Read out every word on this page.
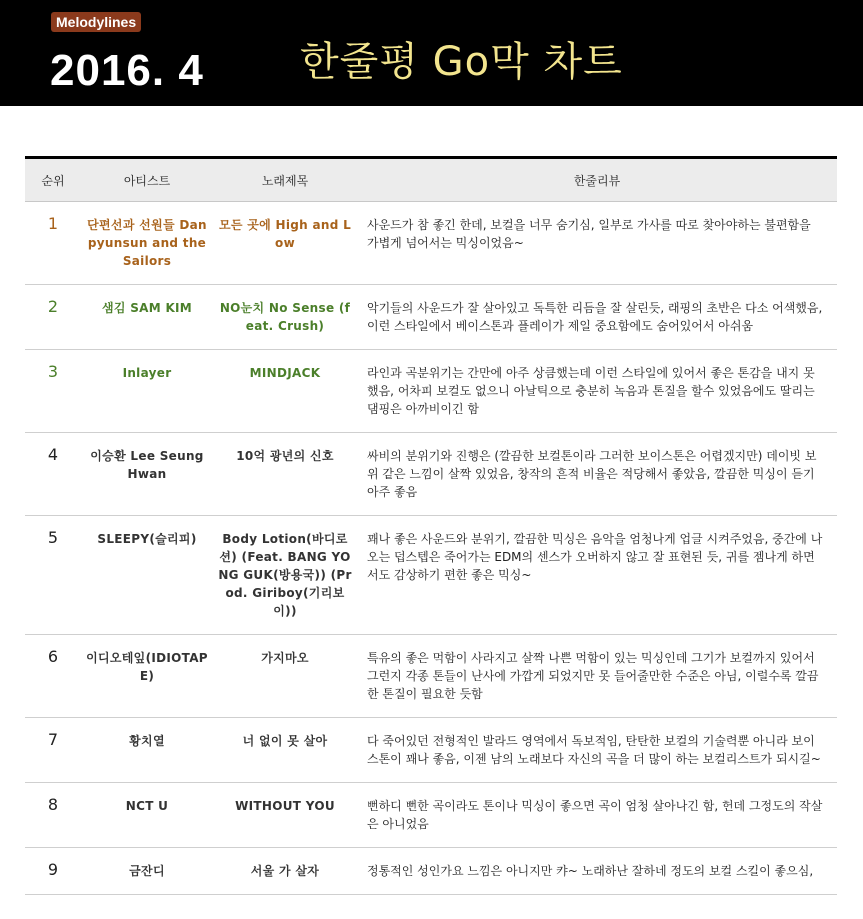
Melodylines
2016. 4 한줄평 Go막 차트
순위	아티스트	노래제목	한줄리뷰
1	단편선과 선원들 Danpyunsun and the Sailors	모든 곳에 High and Low	사운드가 참 좋긴 한데, 보컬을 너무 숨기심, 일부로 가사를 따로 찾아야하는 불편함을 가볍게 넘어서는 믹싱이었음~
2	샘김 SAM KIM	NO눈치 No Sense (feat. Crush)	악기들의 사운드가 잘 살아있고 독특한 리듬을 잘 살린듯, 래핑의 초반은 다소 어색했음, 이런 스타일에서 베이스톤과 플레이가 제일 중요함에도 숨어있어서 아쉬움
3	Inlayer	MINDJACK	라인과 곡분위기는 간만에 아주 상큼했는데 이런 스타일에 있어서 좋은 톤감을 내지 못했음, 어차피 보컬도 없으니 아날틱으로 충분히 녹음과 톤질을 할수 있었음에도 딸리는 댐핑은 아까비이긴 함
4	이승환 Lee Seung Hwan	10억 광년의 신호	싸비의 분위기와 진행은 (깔끔한 보컬톤이라 그러한 보이스톤은 어렵겠지만) 데이빗 보위 같은 느낌이 살짝 있었음, 창작의 흔적 비율은 적당해서 좋았음, 깔끔한 믹싱이 듣기 아주 좋음
5	SLEEPY(슬리피)	Body Lotion(바디로션) (Feat. BANG YONG GUK(방용국)) (Prod. Giriboy(기리보이))	꽤나 좋은 사운드와 분위기, 깔끔한 믹싱은 음악을 엄청나게 업글 시켜주었음, 중간에 나오는 덥스텝은 죽어가는 EDM의 센스가 오버하지 않고 잘 표현된 듯, 귀를 젬나게 하면서도 감상하기 편한 좋은 믹싱~
6	이디오테잎(IDIOTAPE)	가지마오	특유의 좋은 먹함이 사라지고 살짝 나쁜 먹함이 있는 믹싱인데 그기가 보컬까지 있어서 그런지 각종 톤들이 난사에 가깝게 되었지만 못 들어줄만한 수준은 아님, 이럴수록 깔끔한 톤질이 필요한 듯함
7	황치열	너 없이 못 살아	다 죽어있던 전형적인 발라드 영역에서 독보적임, 탄탄한 보컬의 기술력뿐 아니라 보이스톤이 꽤나 좋음, 이젠 남의 노래보다 자신의 곡을 더 많이 하는 보컬리스트가 되시길~
8	NCT U	WITHOUT YOU	뻔하디 뻔한 곡이라도 톤이나 믹싱이 좋으면 곡이 엄청 살아나긴 함, 헌데 그정도의 작살은 아니었음
9	금잔디	서울 가 살자	정통적인 성인가요 느낌은 아니지만 캬~ 노래하난 잘하네 정도의 보컬 스킬이 좋으심,
